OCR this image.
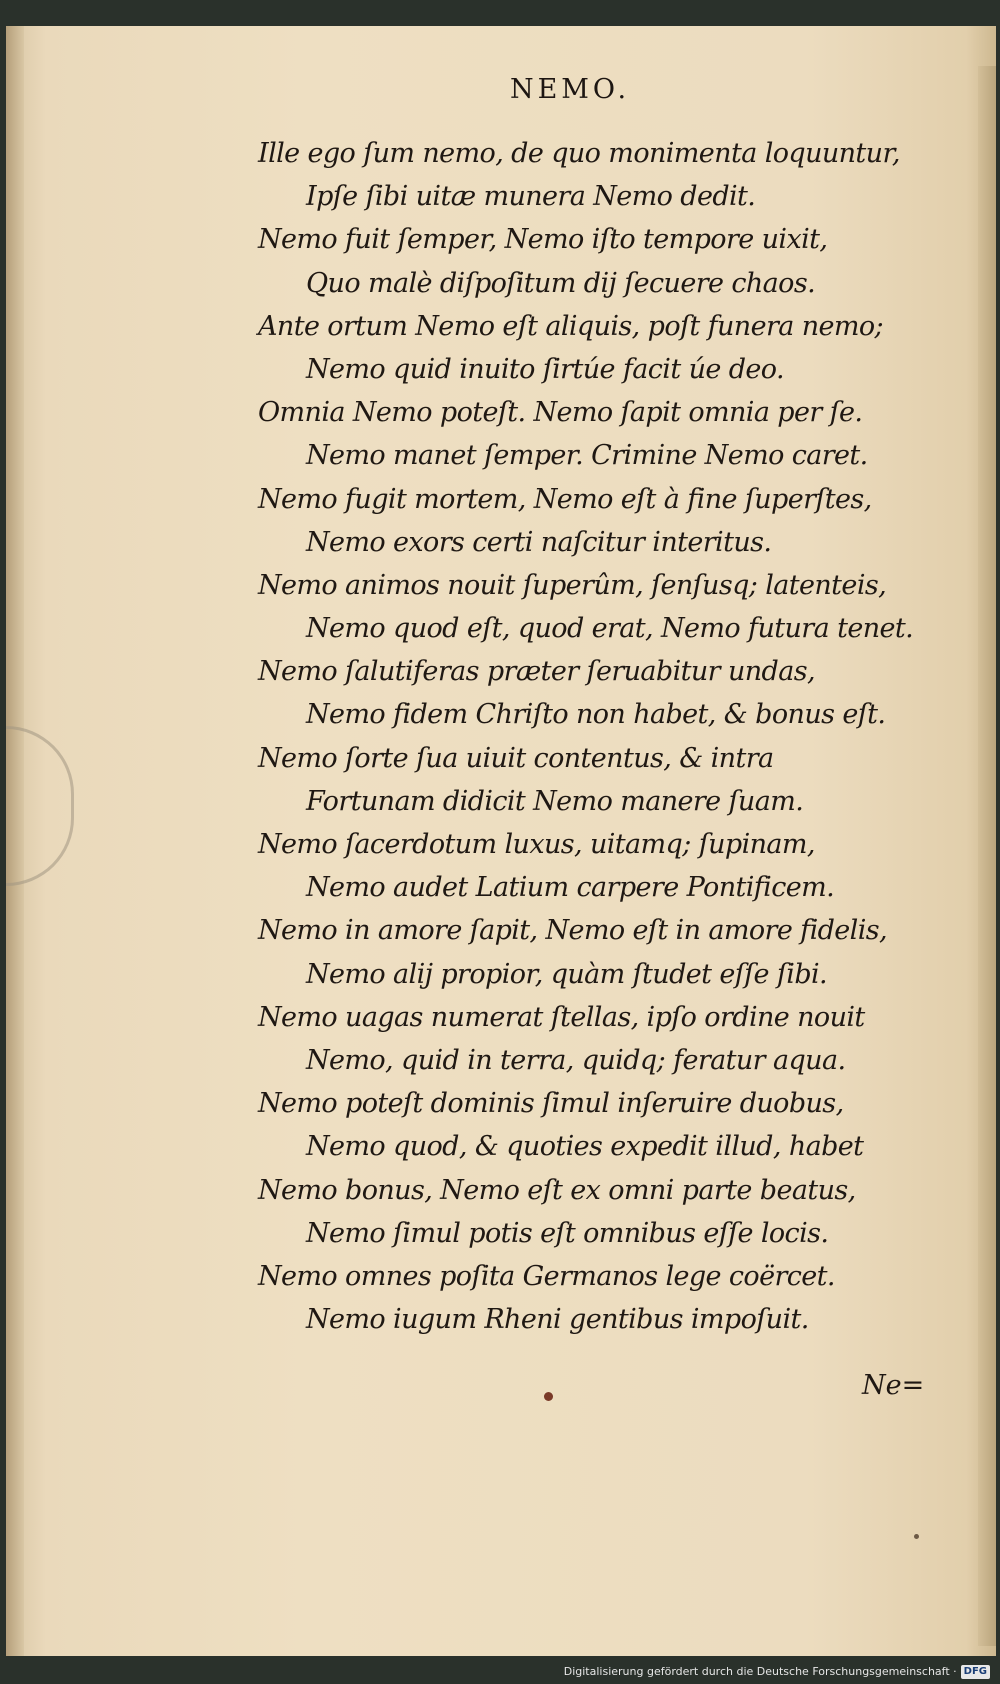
NEMO.
Ille ego ſum nemo, de quo monimenta loquuntur,
Ipſe ſibi uitæ munera Nemo dedit.
Nemo fuit ſemper, Nemo iſto tempore uixit,
Quo malè diſpoſitum dij ſecuere chaos.
Ante ortum Nemo eſt aliquis, poſt funera nemo;
Nemo quid inuito ſirtúe facit úe deo.
Omnia Nemo poteſt. Nemo ſapit omnia per ſe.
Nemo manet ſemper. Crimine Nemo caret.
Nemo fugit mortem, Nemo eſt à fine ſuperſtes,
Nemo exors certi naſcitur interitus.
Nemo animos nouit ſuperûm, ſenſusq; latenteis,
Nemo quod eſt, quod erat, Nemo futura tenet.
Nemo ſalutiferas præter ſeruabitur undas,
Nemo fidem Chriſto non habet, & bonus eſt.
Nemo ſorte ſua uiuit contentus, & intra
Fortunam didicit Nemo manere ſuam.
Nemo ſacerdotum luxus, uitamq; ſupinam,
Nemo audet Latium carpere Pontificem.
Nemo in amore ſapit, Nemo eſt in amore fidelis,
Nemo alij propior, quàm ſtudet eſſe ſibi.
Nemo uagas numerat ſtellas, ipſo ordine nouit
Nemo, quid in terra, quidq; feratur aqua.
Nemo poteſt dominis ſimul inſeruire duobus,
Nemo quod, & quoties expedit illud, habet
Nemo bonus, Nemo eſt ex omni parte beatus,
Nemo ſimul potis eſt omnibus eſſe locis.
Nemo omnes poſita Germanos lege coërcet.
Nemo iugum Rheni gentibus impoſuit.
Ne=
Digitalisierung gefördert durch die Deutsche Forschungsgemeinschaft · DFG
